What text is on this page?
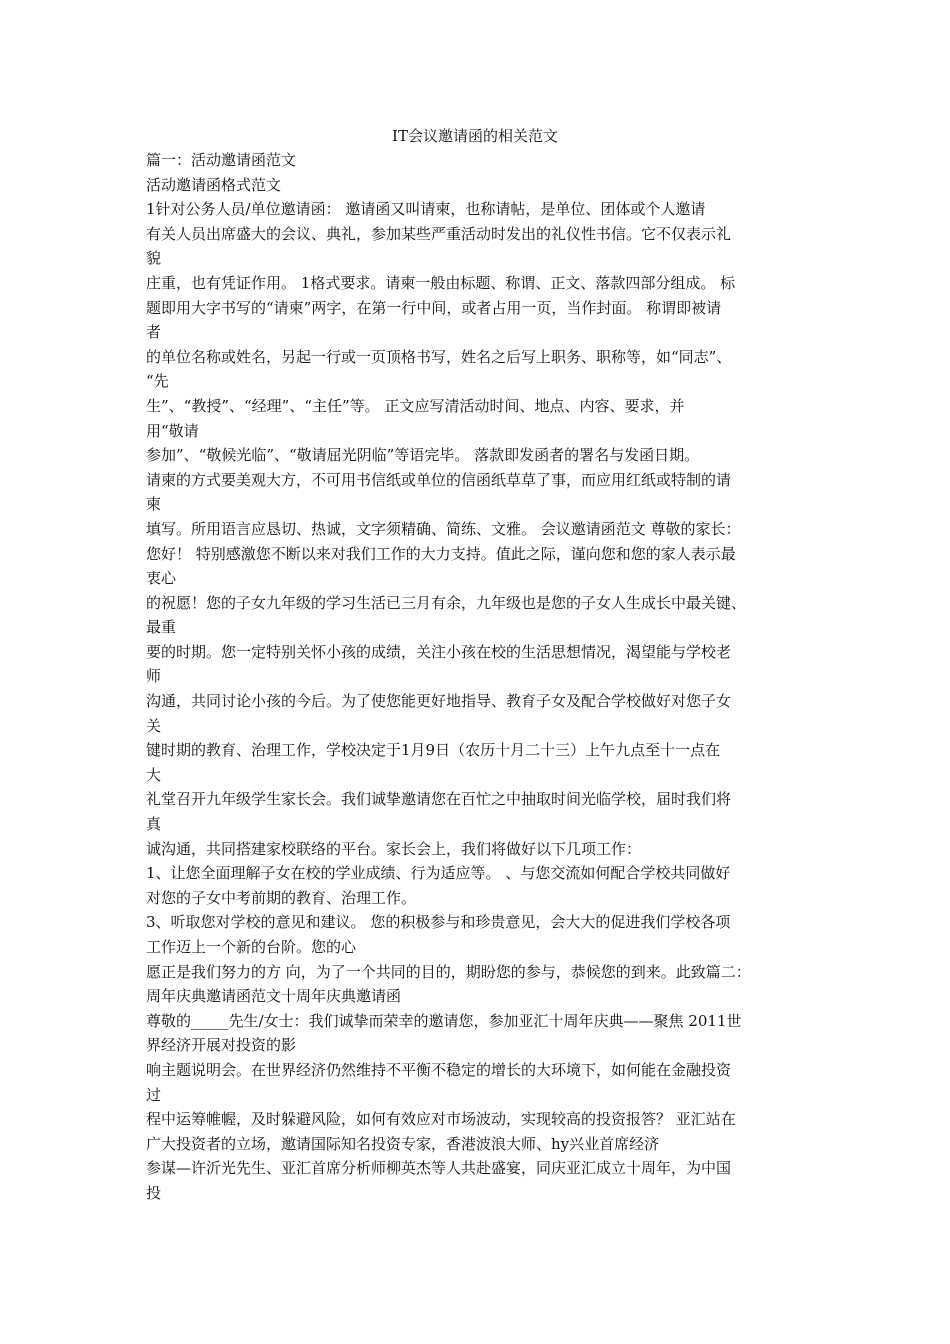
IT会议邀请函的相关范文
篇一：活动邀请函范文
活动邀请函格式范文
1针对公务人员/单位邀请函： 邀请函又叫请柬，也称请帖，是单位、团体或个人邀请
有关人员出席盛大的会议、典礼，参加某些严重活动时发出的礼仪性书信。它不仅表示礼
貌
庄重，也有凭证作用。 1格式要求。请柬一般由标题、称谓、正文、落款四部分组成。 标
题即用大字书写的“请柬”两字，在第一行中间，或者占用一页，当作封面。 称谓即被请
者
的单位名称或姓名，另起一行或一页顶格书写，姓名之后写上职务、职称等，如“同志”、
“先
生”、“教授”、“经理”、“主任”等。 正文应写清活动时间、地点、内容、要求，并
用“敬请
参加”、“敬候光临”、“敬请屈光阴临”等语完毕。 落款即发函者的署名与发函日期。
请柬的方式要美观大方，不可用书信纸或单位的信函纸草草了事，而应用红纸或特制的请
柬
填写。所用语言应恳切、热诚，文字须精确、简练、文雅。 会议邀请函范文 尊敬的家长：
您好！ 特别感激您不断以来对我们工作的大力支持。值此之际，谨向您和您的家人表示最
衷心
的祝愿！您的子女九年级的学习生活已三月有余，九年级也是您的子女人生成长中最关键、
最重
要的时期。您一定特别关怀小孩的成绩，关注小孩在校的生活思想情况，渴望能与学校老
师
沟通，共同讨论小孩的今后。为了使您能更好地指导、教育子女及配合学校做好对您子女
关
键时期的教育、治理工作，学校决定于1月9日（农历十月二十三）上午九点至十一点在
大
礼堂召开九年级学生家长会。我们诚挚邀请您在百忙之中抽取时间光临学校，届时我们将
真
诚沟通，共同搭建家校联络的平台。家长会上，我们将做好以下几项工作：
1、让您全面理解子女在校的学业成绩、行为适应等。 、与您交流如何配合学校共同做好
对您的子女中考前期的教育、治理工作。
3、听取您对学校的意见和建议。 您的积极参与和珍贵意见，会大大的促进我们学校各项
工作迈上一个新的台阶。您的心
愿正是我们努力的方 向，为了一个共同的目的，期盼您的参与，恭候您的到来。此致篇二：
周年庆典邀请函范文十周年庆典邀请函
尊敬的_____先生/女士：我们诚挚而荣幸的邀请您，参加亚汇十周年庆典——聚焦 2011世
界经济开展对投资的影
响主题说明会。在世界经济仍然维持不平衡不稳定的增长的大环境下，如何能在金融投资
过
程中运筹帷幄，及时躲避风险，如何有效应对市场波动，实现较高的投资报答？ 亚汇站在
广大投资者的立场，邀请国际知名投资专家，香港波浪大师、hy兴业首席经济
参谋—许沂光先生、亚汇首席分析师柳英杰等人共赴盛宴，同庆亚汇成立十周年，为中国
投
